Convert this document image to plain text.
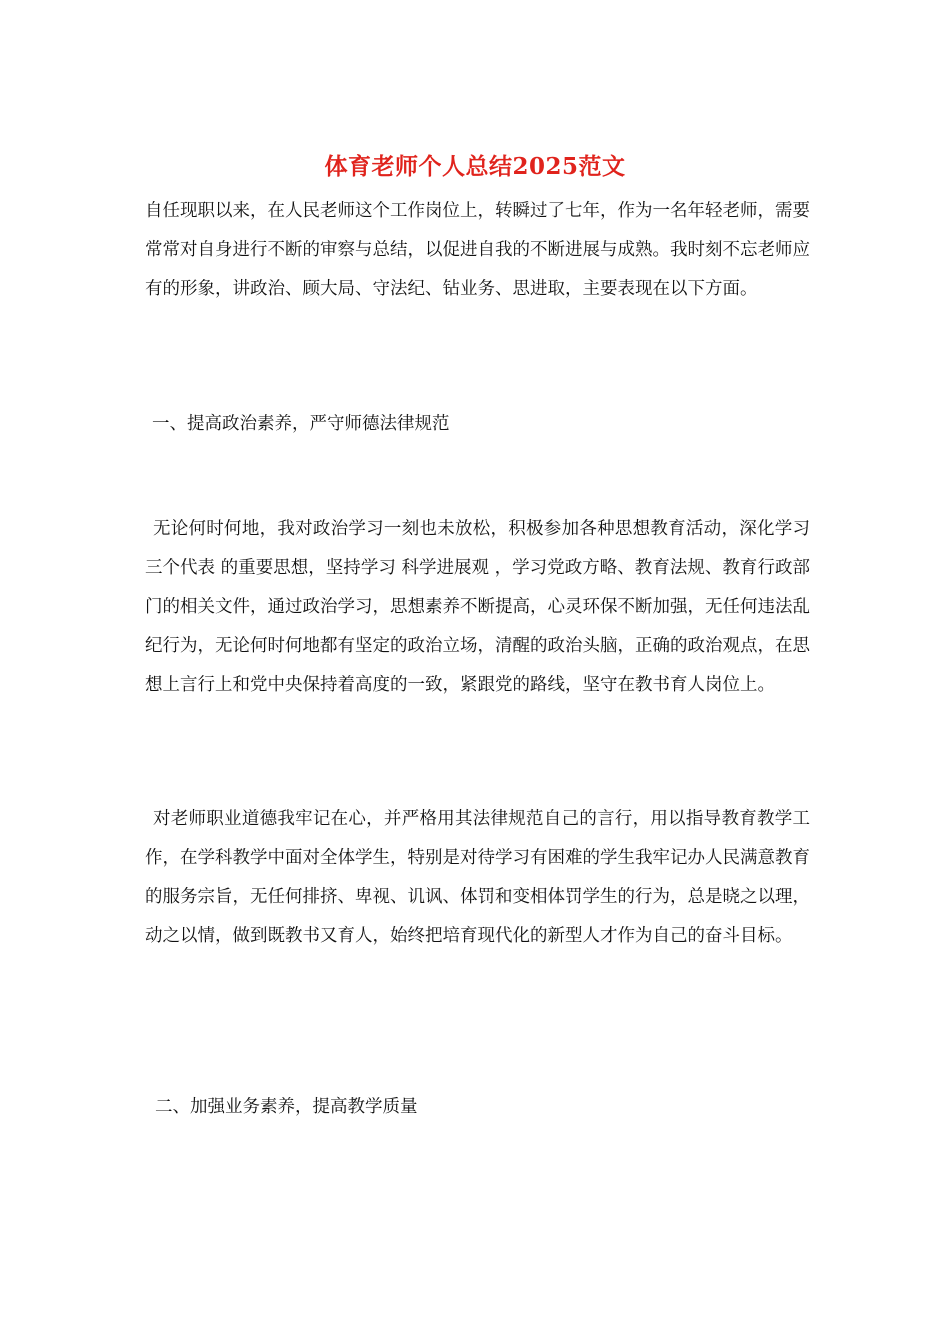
体育老师个人总结2025范文

自任现职以来，在人民老师这个工作岗位上，转瞬过了七年，作为一名年轻老师，需要常常对自身进行不断的审察与总结，以促进自我的不断进展与成熟。我时刻不忘老师应有的形象，讲政治、顾大局、守法纪、钻业务、思进取，主要表现在以下方面。

一、提高政治素养，严守师德法律规范

无论何时何地，我对政治学习一刻也未放松，积极参加各种思想教育活动，深化学习 三个代表 的重要思想，坚持学习 科学进展观 ，学习党政方略、教育法规、教育行政部门的相关文件，通过政治学习，思想素养不断提高，心灵环保不断加强，无任何违法乱纪行为，无论何时何地都有坚定的政治立场，清醒的政治头脑，正确的政治观点，在思想上言行上和党中央保持着高度的一致，紧跟党的路线，坚守在教书育人岗位上。

对老师职业道德我牢记在心，并严格用其法律规范自己的言行，用以指导教育教学工作，在学科教学中面对全体学生，特别是对待学习有困难的学生我牢记办人民满意教育的服务宗旨，无任何排挤、卑视、讥讽、体罚和变相体罚学生的行为，总是晓之以理，动之以情，做到既教书又育人，始终把培育现代化的新型人才作为自己的奋斗目标。

二、加强业务素养，提高教学质量
